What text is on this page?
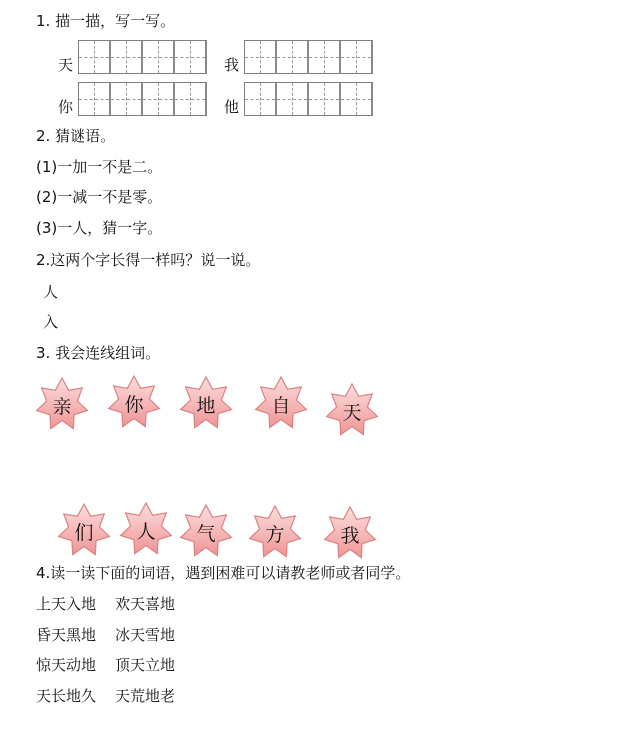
1. 描一描，写一写。
天	我
你	他
2. 猜谜语。
(1)一加一不是二。
(2)一减一不是零。
(3)一人，猜一字。
2.这两个字长得一样吗？说一说。
人
入
3. 我会连线组词。
亲	你	地	自	天
们	人	气	方	我
4.读一读下面的词语，遇到困难可以请教老师或者同学。
上天入地 欢天喜地
昏天黑地 冰天雪地
惊天动地 顶天立地
天长地久 天荒地老
